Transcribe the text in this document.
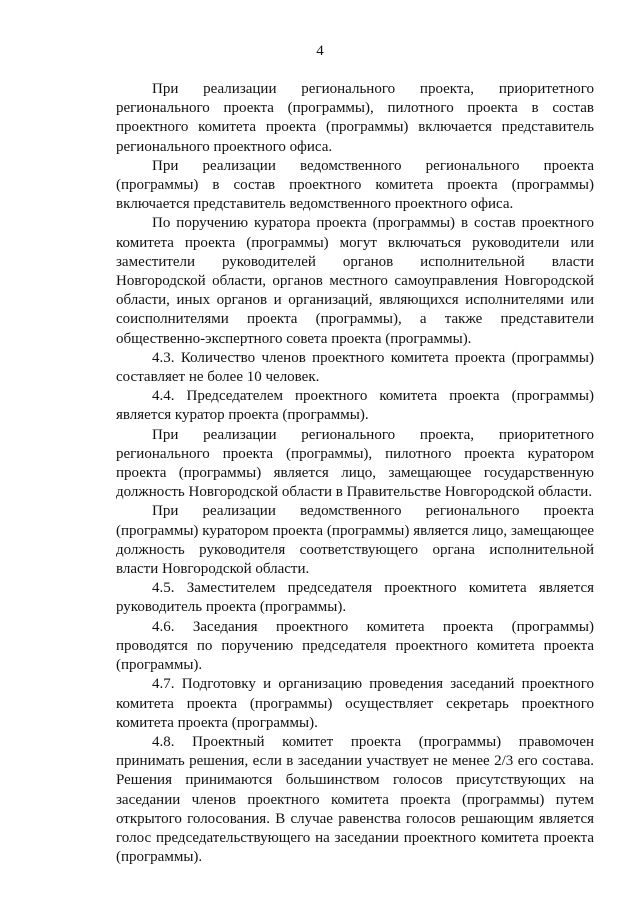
4

При реализации регионального проекта, приоритетного регионального проекта (программы), пилотного проекта в состав проектного комитета проекта (программы) включается представитель регионального проектного офиса.

При реализации ведомственного регионального проекта (программы) в состав проектного комитета проекта (программы) включается представитель ведомственного проектного офиса.

По поручению куратора проекта (программы) в состав проектного комитета проекта (программы) могут включаться руководители или заместители руководителей органов исполнительной власти Новгородской области, органов местного самоуправления Новгородской области, иных органов и организаций, являющихся исполнителями или соисполнителями проекта (программы), а также представители общественно-экспертного совета проекта (программы).

4.3. Количество членов проектного комитета проекта (программы) составляет не более 10 человек.

4.4. Председателем проектного комитета проекта (программы) является куратор проекта (программы).

При реализации регионального проекта, приоритетного регионального проекта (программы), пилотного проекта куратором проекта (программы) является лицо, замещающее государственную должность Новгородской области в Правительстве Новгородской области.

При реализации ведомственного регионального проекта (программы) куратором проекта (программы) является лицо, замещающее должность руководителя соответствующего органа исполнительной власти Новгородской области.

4.5. Заместителем председателя проектного комитета является руководитель проекта (программы).

4.6. Заседания проектного комитета проекта (программы) проводятся по поручению председателя проектного комитета проекта (программы).

4.7. Подготовку и организацию проведения заседаний проектного комитета проекта (программы) осуществляет секретарь проектного комитета проекта (программы).

4.8. Проектный комитет проекта (программы) правомочен принимать решения, если в заседании участвует не менее 2/3 его состава. Решения принимаются большинством голосов присутствующих на заседании членов проектного комитета проекта (программы) путем открытого голосования. В случае равенства голосов решающим является голос председательствующего на заседании проектного комитета проекта (программы).
